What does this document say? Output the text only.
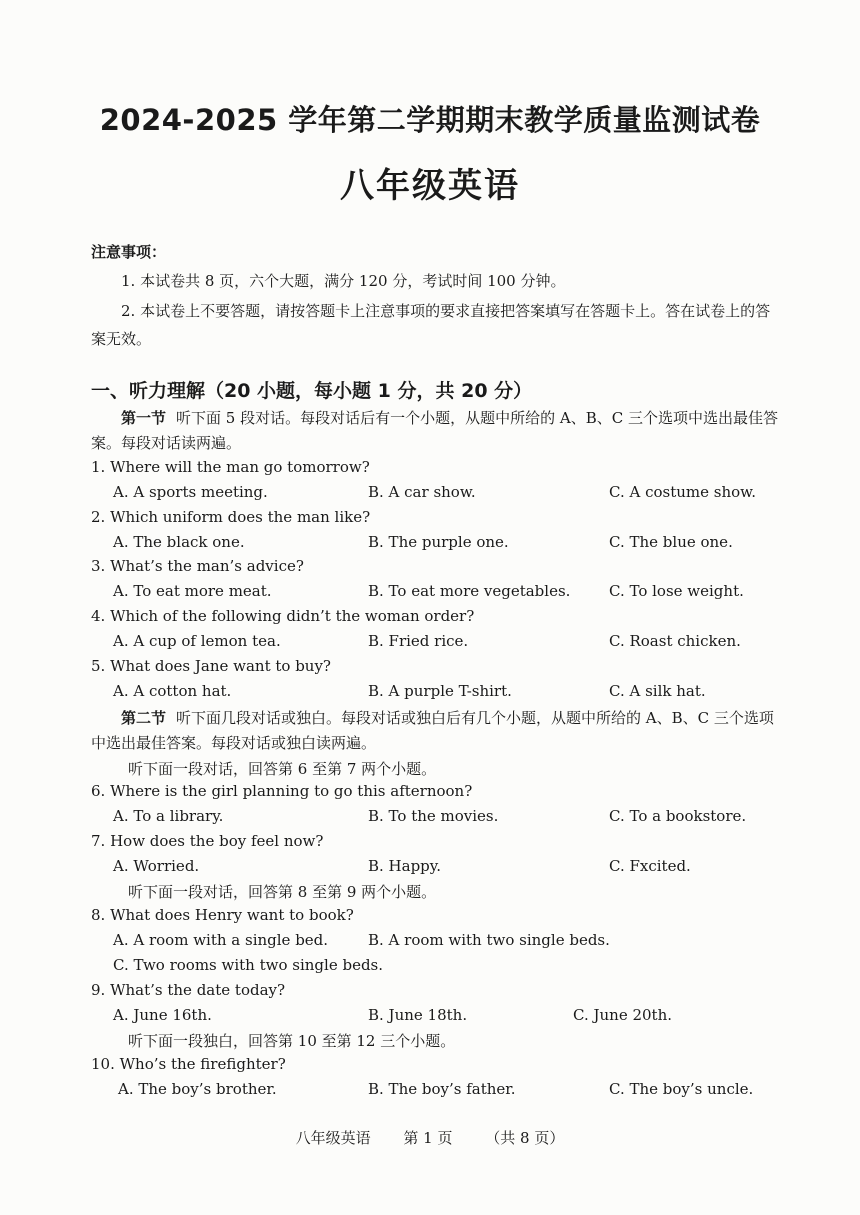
2024-2025 学年第二学期期末教学质量监测试卷
八年级英语
注意事项：
1. 本试卷共 8 页，六个大题，满分 120 分，考试时间 100 分钟。
2. 本试卷上不要答题，请按答题卡上注意事项的要求直接把答案填写在答题卡上。答在试卷上的答案无效。
一、听力理解（20 小题，每小题 1 分，共 20 分）
第一节 听下面 5 段对话。每段对话后有一个小题，从题中所给的 A、B、C 三个选项中选出最佳答案。每段对话读两遍。
1. Where will the man go tomorrow?
A. A sports meeting.	B. A car show.	C. A costume show.
2. Which uniform does the man like?
A. The black one.	B. The purple one.	C. The blue one.
3. What’s the man’s advice?
A. To eat more meat.	B. To eat more vegetables.	C. To lose weight.
4. Which of the following didn’t the woman order?
A. A cup of lemon tea.	B. Fried rice.	C. Roast chicken.
5. What does Jane want to buy?
A. A cotton hat.	B. A purple T-shirt.	C. A silk hat.
第二节 听下面几段对话或独白。每段对话或独白后有几个小题，从题中所给的 A、B、C 三个选项中选出最佳答案。每段对话或独白读两遍。
听下面一段对话，回答第 6 至第 7 两个小题。
6. Where is the girl planning to go this afternoon?
A. To a library.	B. To the movies.	C. To a bookstore.
7. How does the boy feel now?
A. Worried.	B. Happy.	C. Fxcited.
听下面一段对话，回答第 8 至第 9 两个小题。
8. What does Henry want to book?
A. A room with a single bed.	B. A room with two single beds.
C. Two rooms with two single beds.
9. What’s the date today?
A. June 16th.	B. June 18th.	C. June 20th.
听下面一段独白，回答第 10 至第 12 三个小题。
10. Who’s the firefighter?
A. The boy’s brother.	B. The boy’s father.	C. The boy’s uncle.
八年级英语 第 1 页 （共 8 页）
